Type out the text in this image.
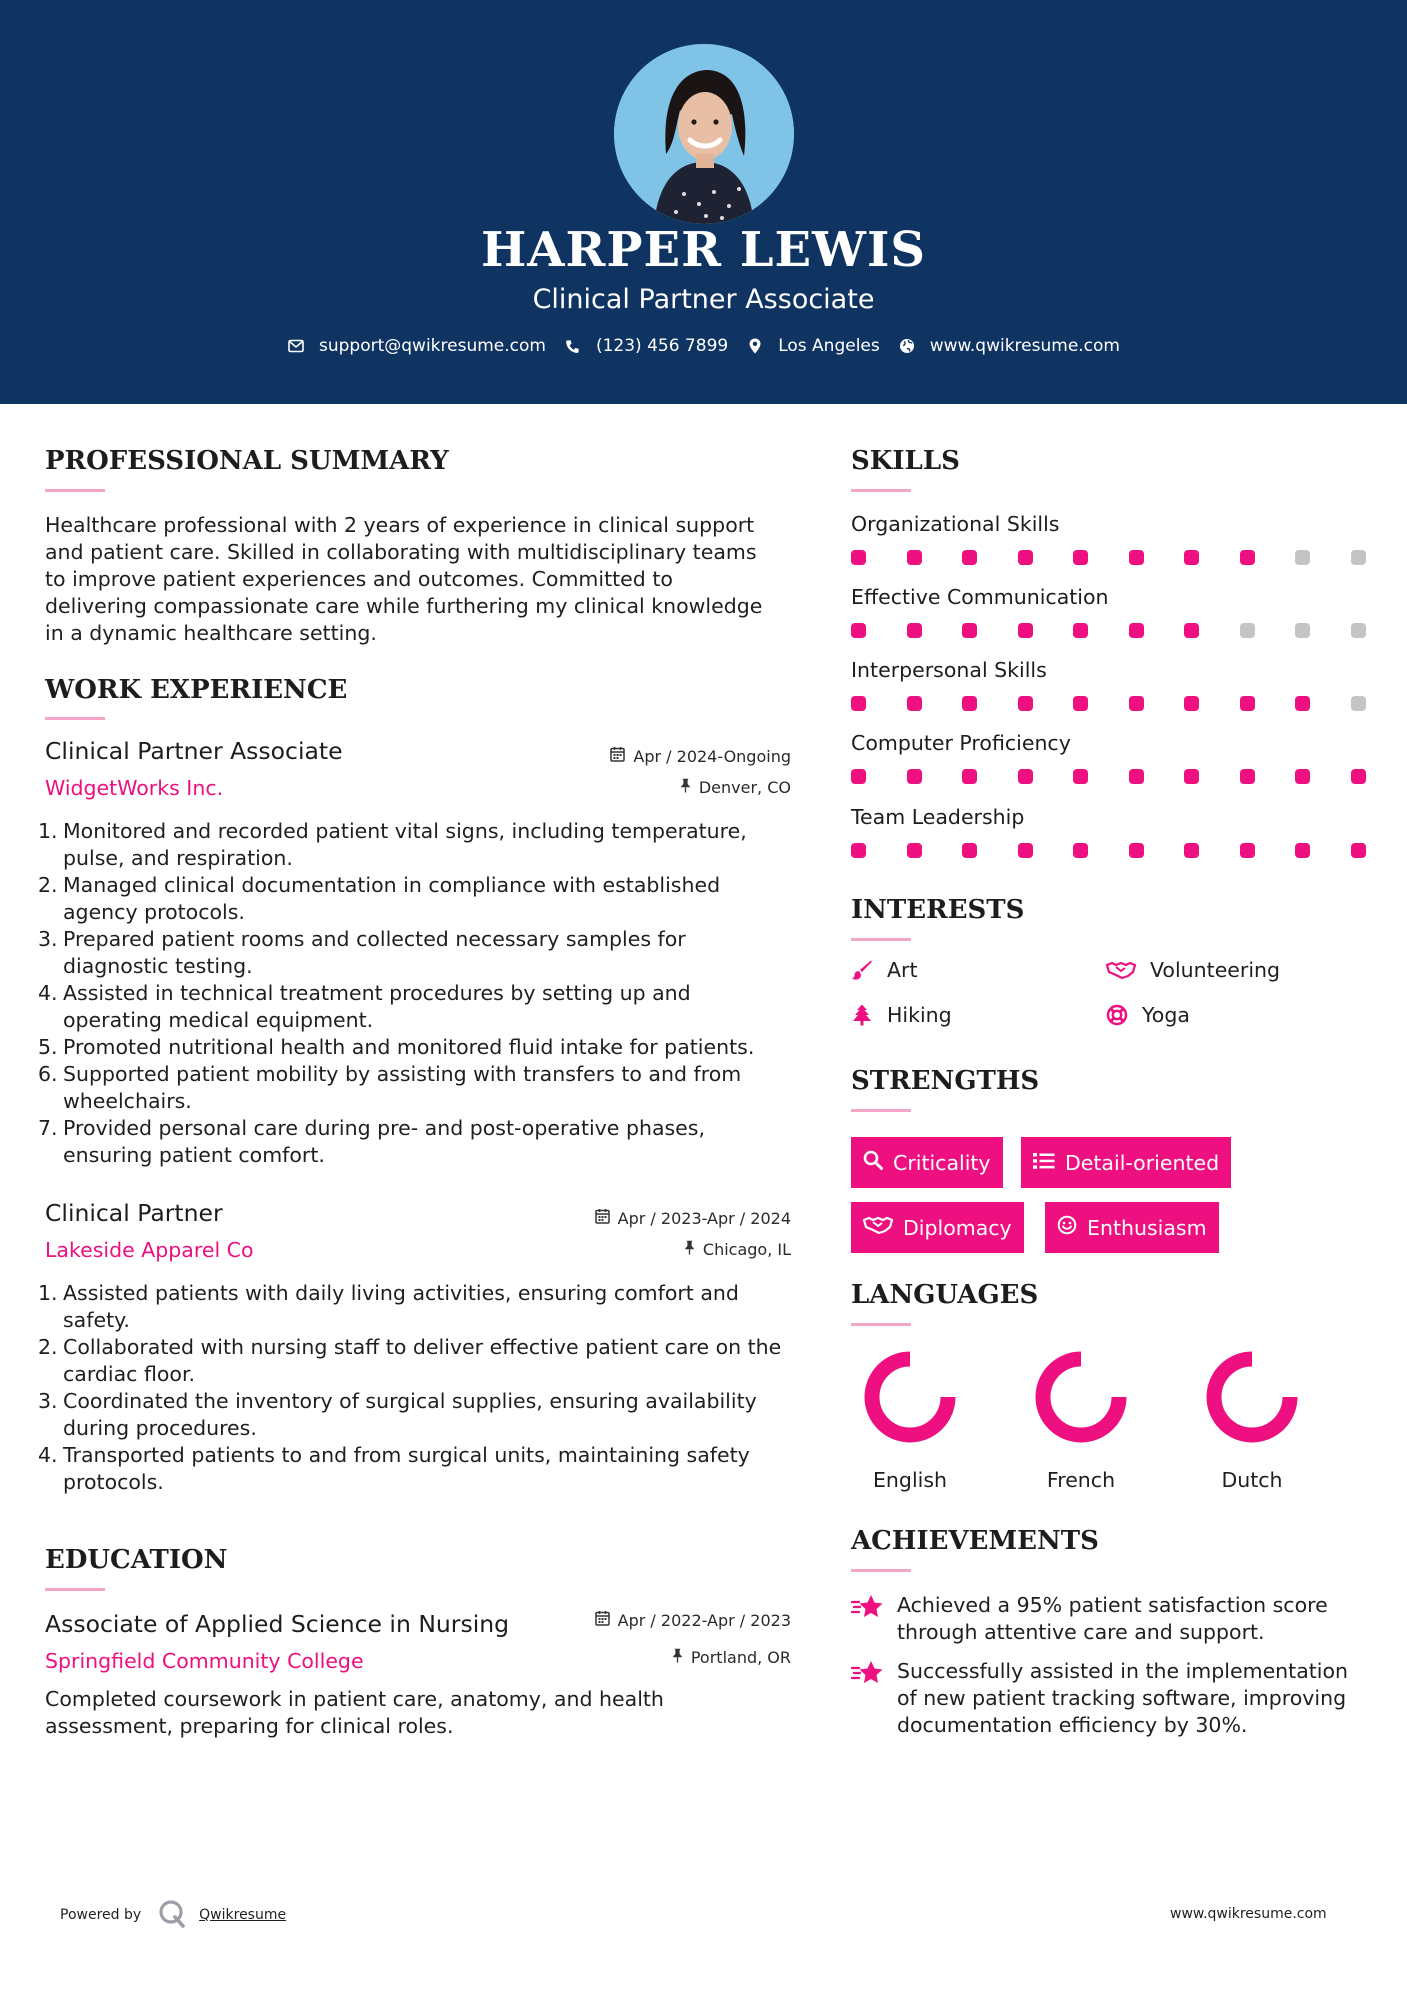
HARPER LEWIS
Clinical Partner Associate
support@qwikresume.com	(123) 456 7899	Los Angeles	www.qwikresume.com
PROFESSIONAL SUMMARY
Healthcare professional with 2 years of experience in clinical support
and patient care. Skilled in collaborating with multidisciplinary teams
to improve patient experiences and outcomes. Committed to
delivering compassionate care while furthering my clinical knowledge
in a dynamic healthcare setting.
WORK EXPERIENCE
Clinical Partner Associate
WidgetWorks Inc.
Apr / 2024-Ongoing
Denver, CO
1. Monitored and recorded patient vital signs, including temperature,
pulse, and respiration.
2. Managed clinical documentation in compliance with established
agency protocols.
3. Prepared patient rooms and collected necessary samples for
diagnostic testing.
4. Assisted in technical treatment procedures by setting up and
operating medical equipment.
5. Promoted nutritional health and monitored fluid intake for patients.
6. Supported patient mobility by assisting with transfers to and from
wheelchairs.
7. Provided personal care during pre- and post-operative phases,
ensuring patient comfort.
Clinical Partner
Lakeside Apparel Co
Apr / 2023-Apr / 2024
Chicago, IL
1. Assisted patients with daily living activities, ensuring comfort and
safety.
2. Collaborated with nursing staff to deliver effective patient care on the
cardiac floor.
3. Coordinated the inventory of surgical supplies, ensuring availability
during procedures.
4. Transported patients to and from surgical units, maintaining safety
protocols.
EDUCATION
Associate of Applied Science in Nursing
Springfield Community College
Apr / 2022-Apr / 2023
Portland, OR
Completed coursework in patient care, anatomy, and health
assessment, preparing for clinical roles.
SKILLS
Organizational Skills
Effective Communication
Interpersonal Skills
Computer Proficiency
Team Leadership
INTERESTS
Art	Volunteering
Hiking	Yoga
STRENGTHS
Criticality	Detail-oriented
Diplomacy	Enthusiasm
LANGUAGES
English	French	Dutch
ACHIEVEMENTS
Achieved a 95% patient satisfaction score
through attentive care and support.
Successfully assisted in the implementation
of new patient tracking software, improving
documentation efficiency by 30%.
Powered by	Qwikresume	www.qwikresume.com
